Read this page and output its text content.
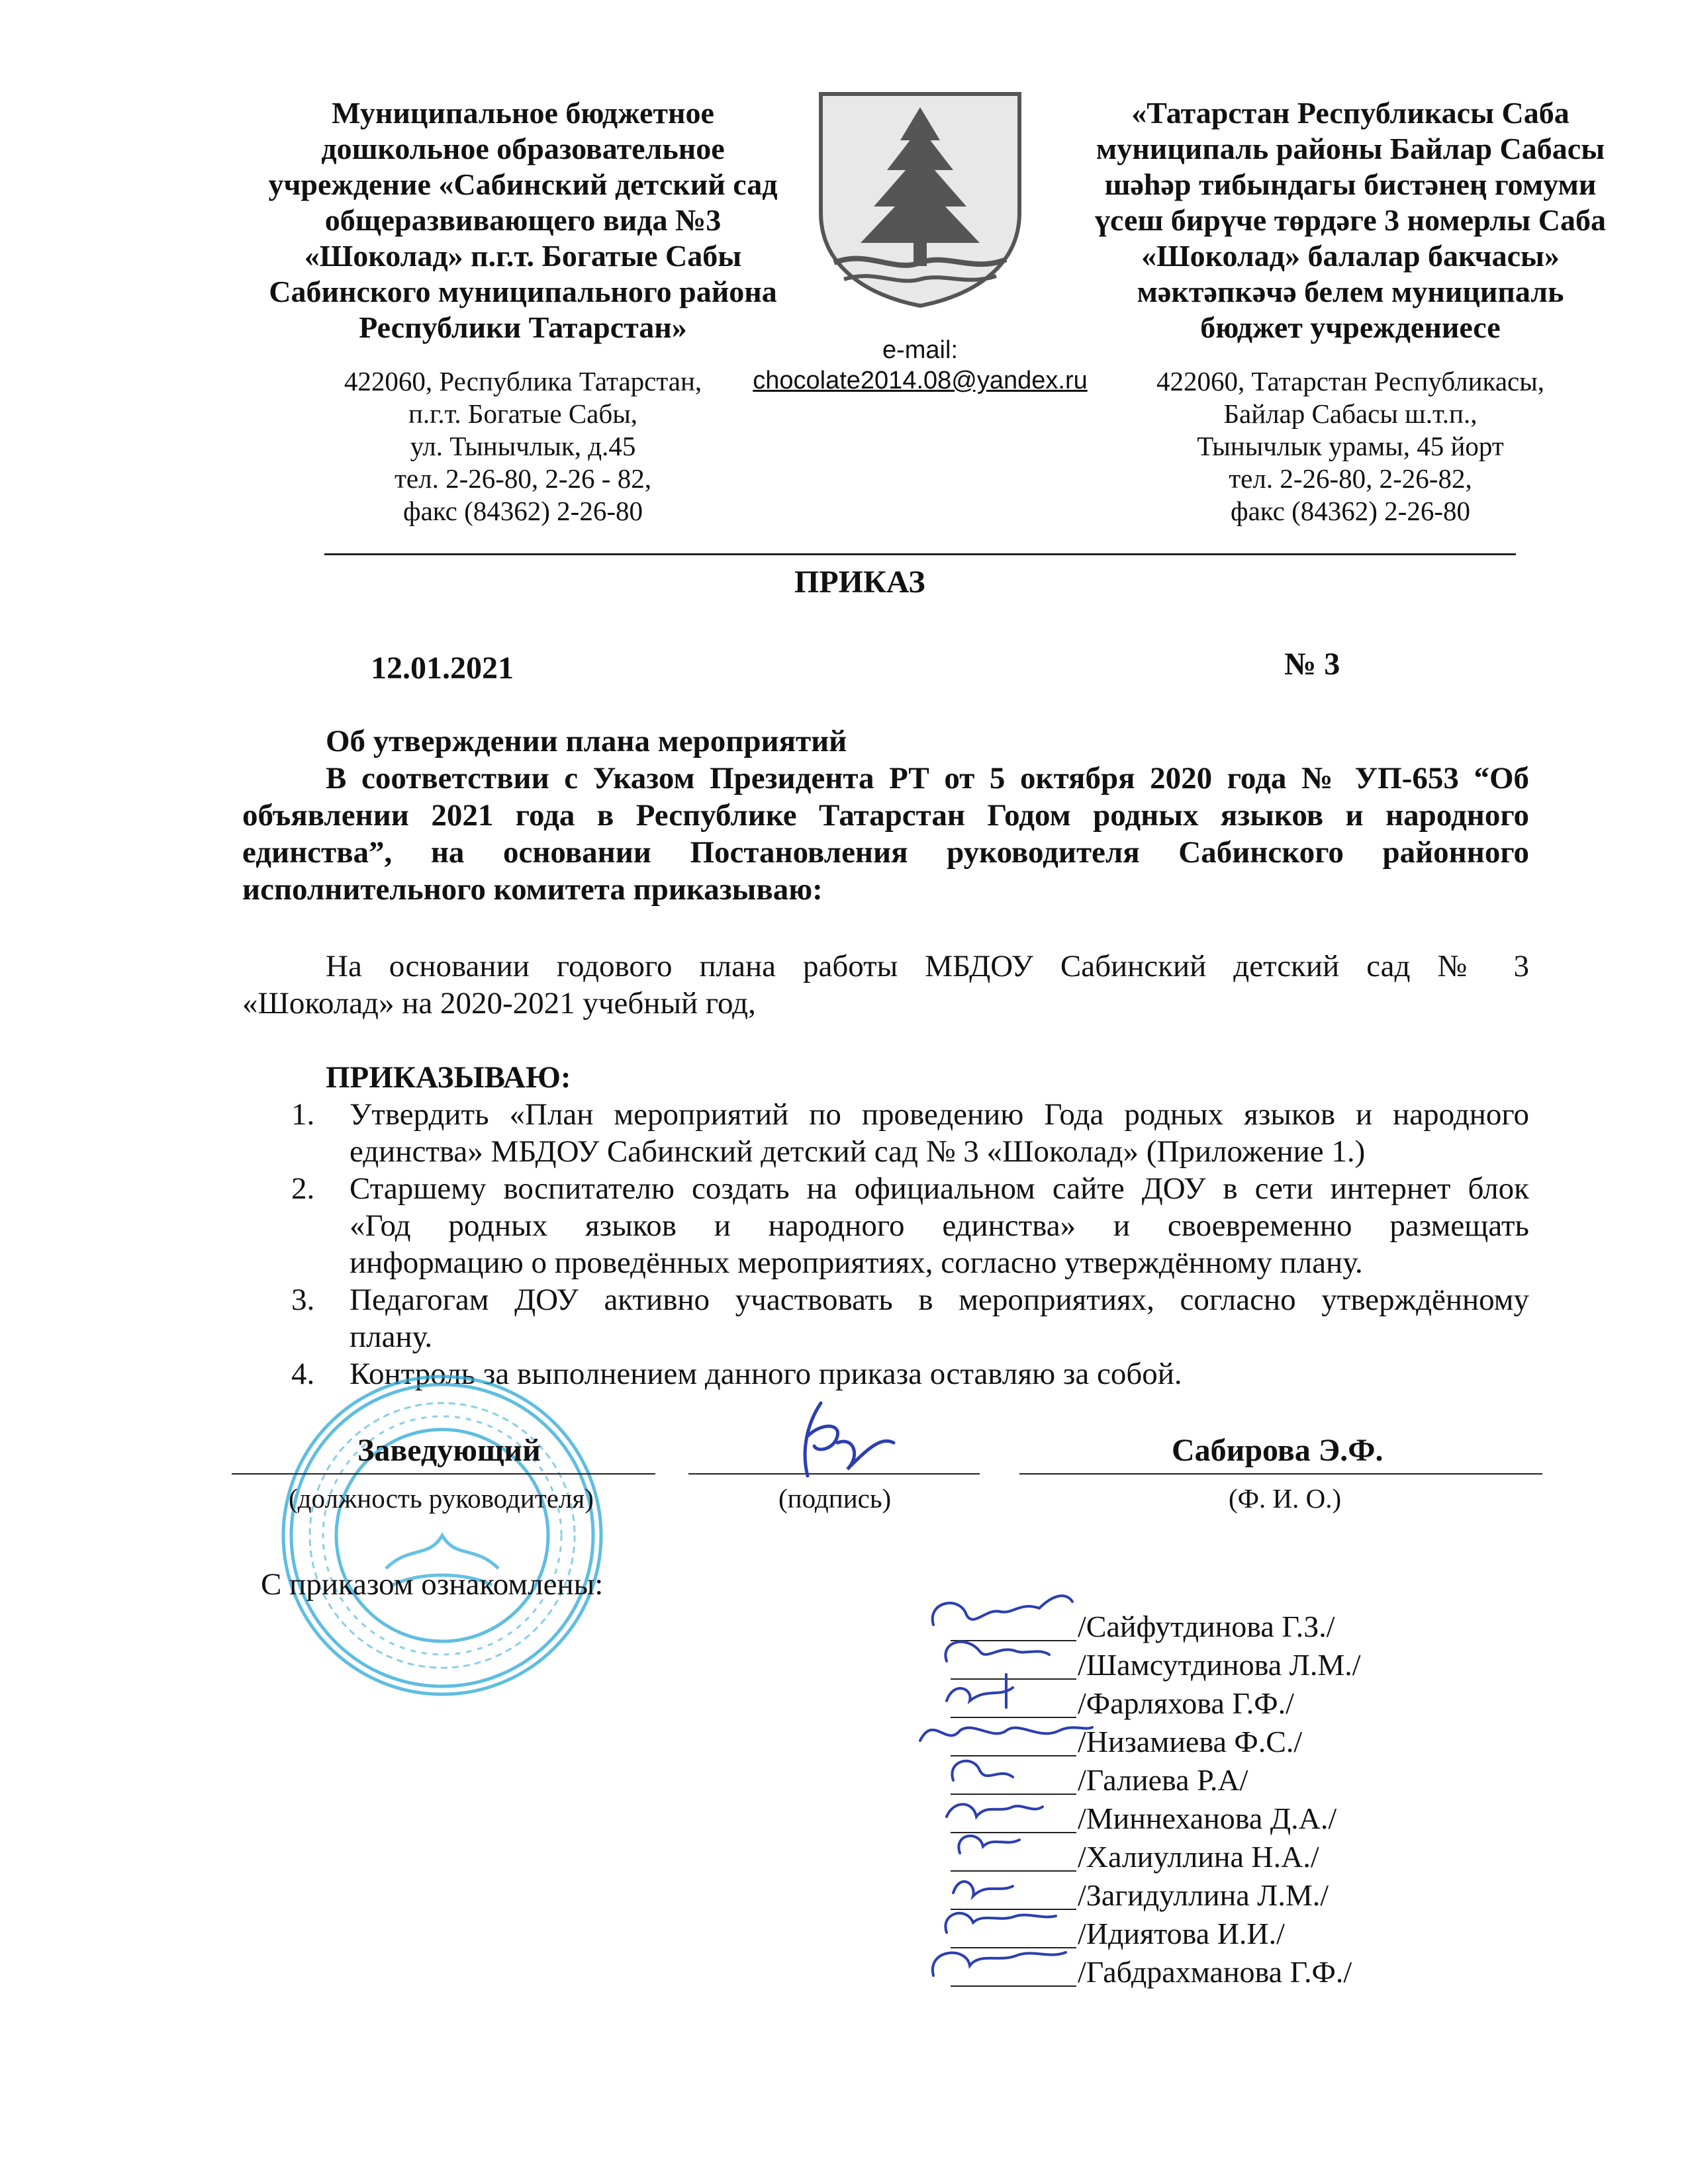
Муниципальное бюджетное
дошкольное образовательное
учреждение «Сабинский детский сад
общеразвивающего вида №3
«Шоколад» п.г.т. Богатые Сабы
Сабинского муниципального района
Республики Татарстан»
422060, Республика Татарстан,
п.г.т. Богатые Сабы,
ул. Тынычлык, д.45
тел. 2-26-80, 2-26 - 82,
факс (84362) 2-26-80
e-mail:
chocolate2014.08@yandex.ru
«Татарстан Республикасы Саба
муниципаль районы Байлар Сабасы
шәһәр тибындагы бистәнең гомуми
үсеш бирүче төрдәге 3 номерлы Саба
«Шоколад» балалар бакчасы»
мәктәпкәчә белем муниципаль
бюджет учреждениесе
422060, Татарстан Республикасы,
Байлар Сабасы ш.т.п.,
Тынычлык урамы, 45 йорт
тел. 2-26-80, 2-26-82,
факс (84362) 2-26-80
ПРИКАЗ
12.01.2021	№ 3
Об утверждении плана мероприятий
В соответствии с Указом Президента РТ от 5 октября 2020 года № УП-653 “Об
объявлении 2021 года в Республике Татарстан Годом родных языков и народного
единства”, на основании Постановления руководителя Сабинского районного
исполнительного комитета приказываю:
На основании годового плана работы МБДОУ Сабинский детский сад № 3
«Шоколад» на 2020-2021 учебный год,
ПРИКАЗЫВАЮ:
1. Утвердить «План мероприятий по проведению Года родных языков и народного
единства» МБДОУ Сабинский детский сад № 3 «Шоколад» (Приложение 1.)
2. Старшему воспитателю создать на официальном сайте ДОУ в сети интернет блок
«Год родных языков и народного единства» и своевременно размещать
информацию о проведённых мероприятиях, согласно утверждённому плану.
3. Педагогам ДОУ активно участвовать в мероприятиях, согласно утверждённому
плану.
4. Контроль за выполнением данного приказа оставляю за собой.
Заведующий	Сабирова Э.Ф.
(должность руководителя)	(подпись)	(Ф. И. О.)
С приказом ознакомлены:
/Сайфутдинова Г.З./
/Шамсутдинова Л.М./
/Фарляхова Г.Ф./
/Низамиева Ф.С./
/Галиева Р.А/
/Миннеханова Д.А./
/Халиуллина Н.А./
/Загидуллина Л.М./
/Идиятова И.И./
/Габдрахманова Г.Ф./
